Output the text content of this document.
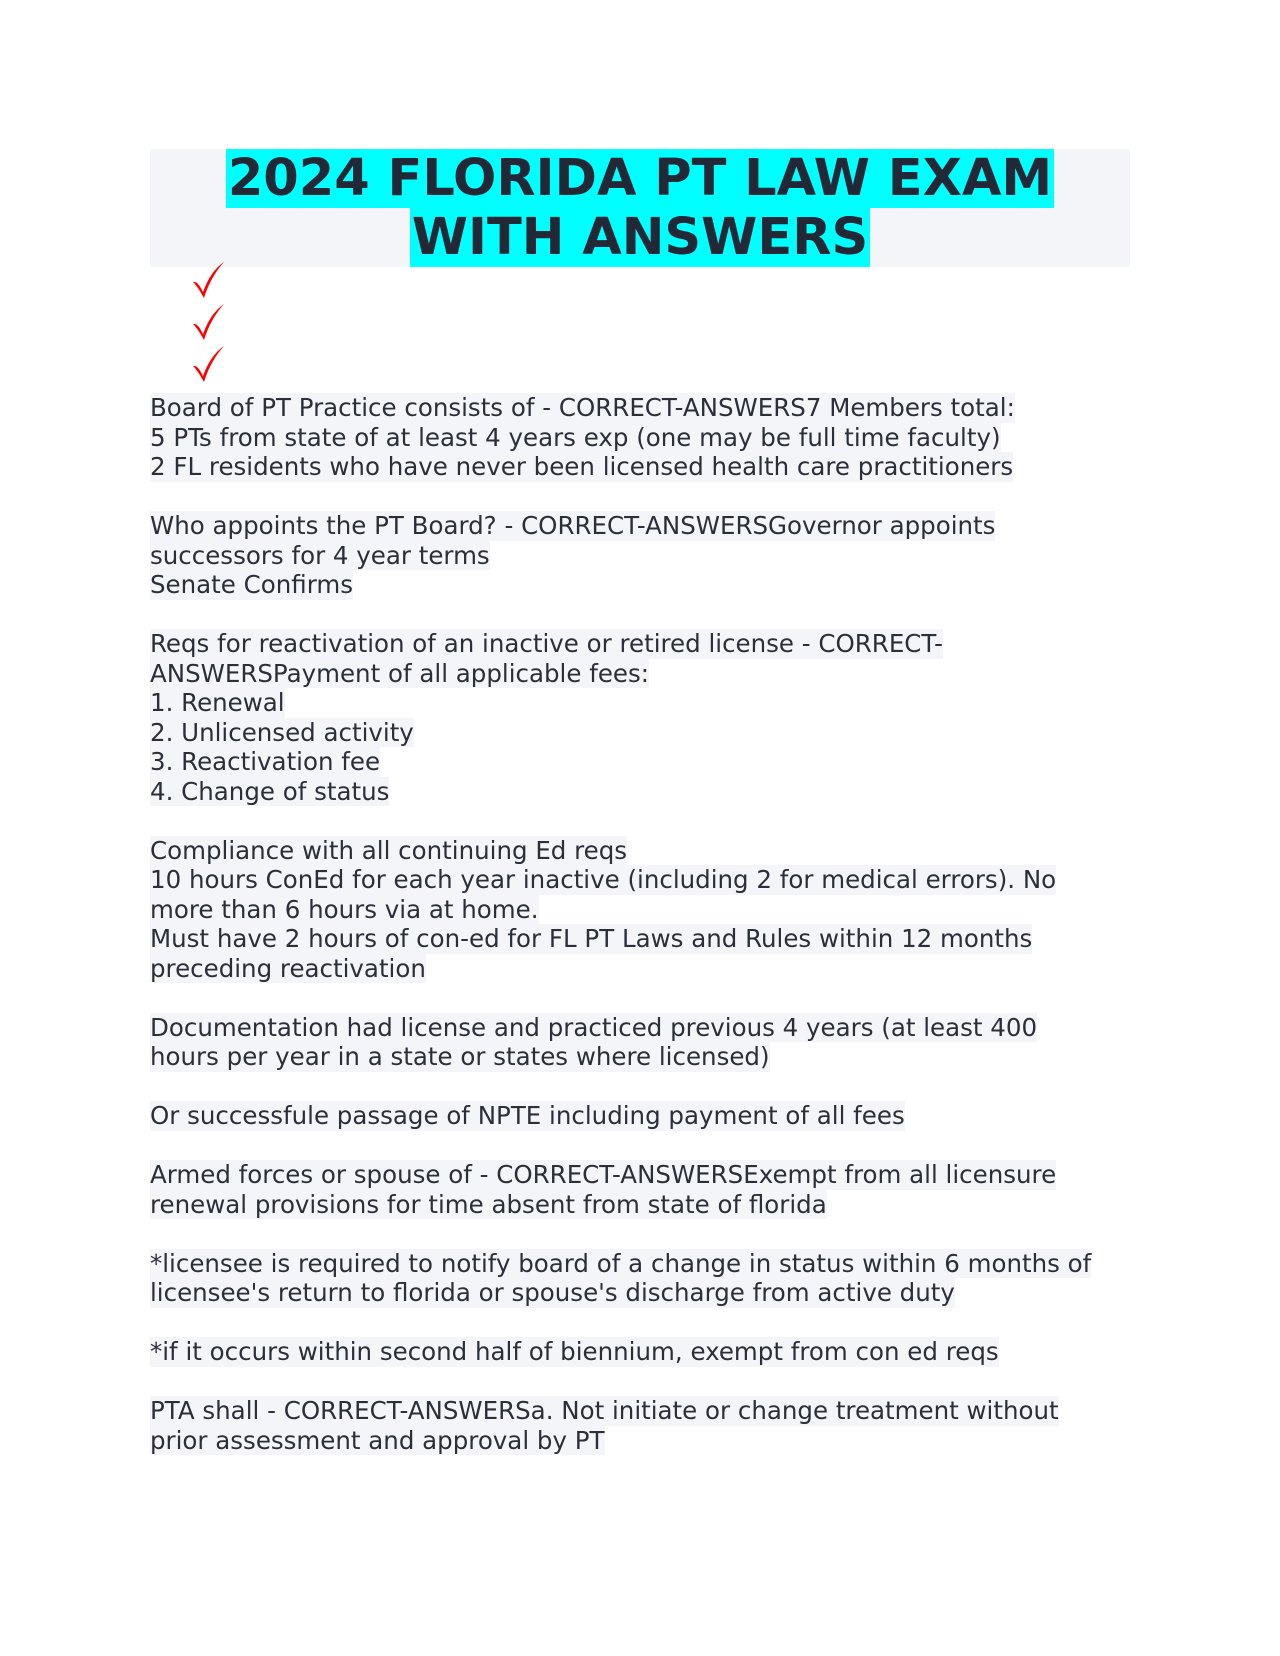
2024 FLORIDA PT LAW EXAM
WITH ANSWERS
Board of PT Practice consists of - CORRECT-ANSWERS7 Members total:
5 PTs from state of at least 4 years exp (one may be full time faculty)
2 FL residents who have never been licensed health care practitioners
Who appoints the PT Board? - CORRECT-ANSWERSGovernor appoints
successors for 4 year terms
Senate Confirms
Reqs for reactivation of an inactive or retired license - CORRECT-
ANSWERSPayment of all applicable fees:
1. Renewal
2. Unlicensed activity
3. Reactivation fee
4. Change of status
Compliance with all continuing Ed reqs
10 hours ConEd for each year inactive (including 2 for medical errors). No
more than 6 hours via at home.
Must have 2 hours of con-ed for FL PT Laws and Rules within 12 months
preceding reactivation
Documentation had license and practiced previous 4 years (at least 400
hours per year in a state or states where licensed)
Or successfule passage of NPTE including payment of all fees
Armed forces or spouse of - CORRECT-ANSWERSExempt from all licensure
renewal provisions for time absent from state of florida
*licensee is required to notify board of a change in status within 6 months of
licensee's return to florida or spouse's discharge from active duty
*if it occurs within second half of biennium, exempt from con ed reqs
PTA shall - CORRECT-ANSWERSa. Not initiate or change treatment without
prior assessment and approval by PT
